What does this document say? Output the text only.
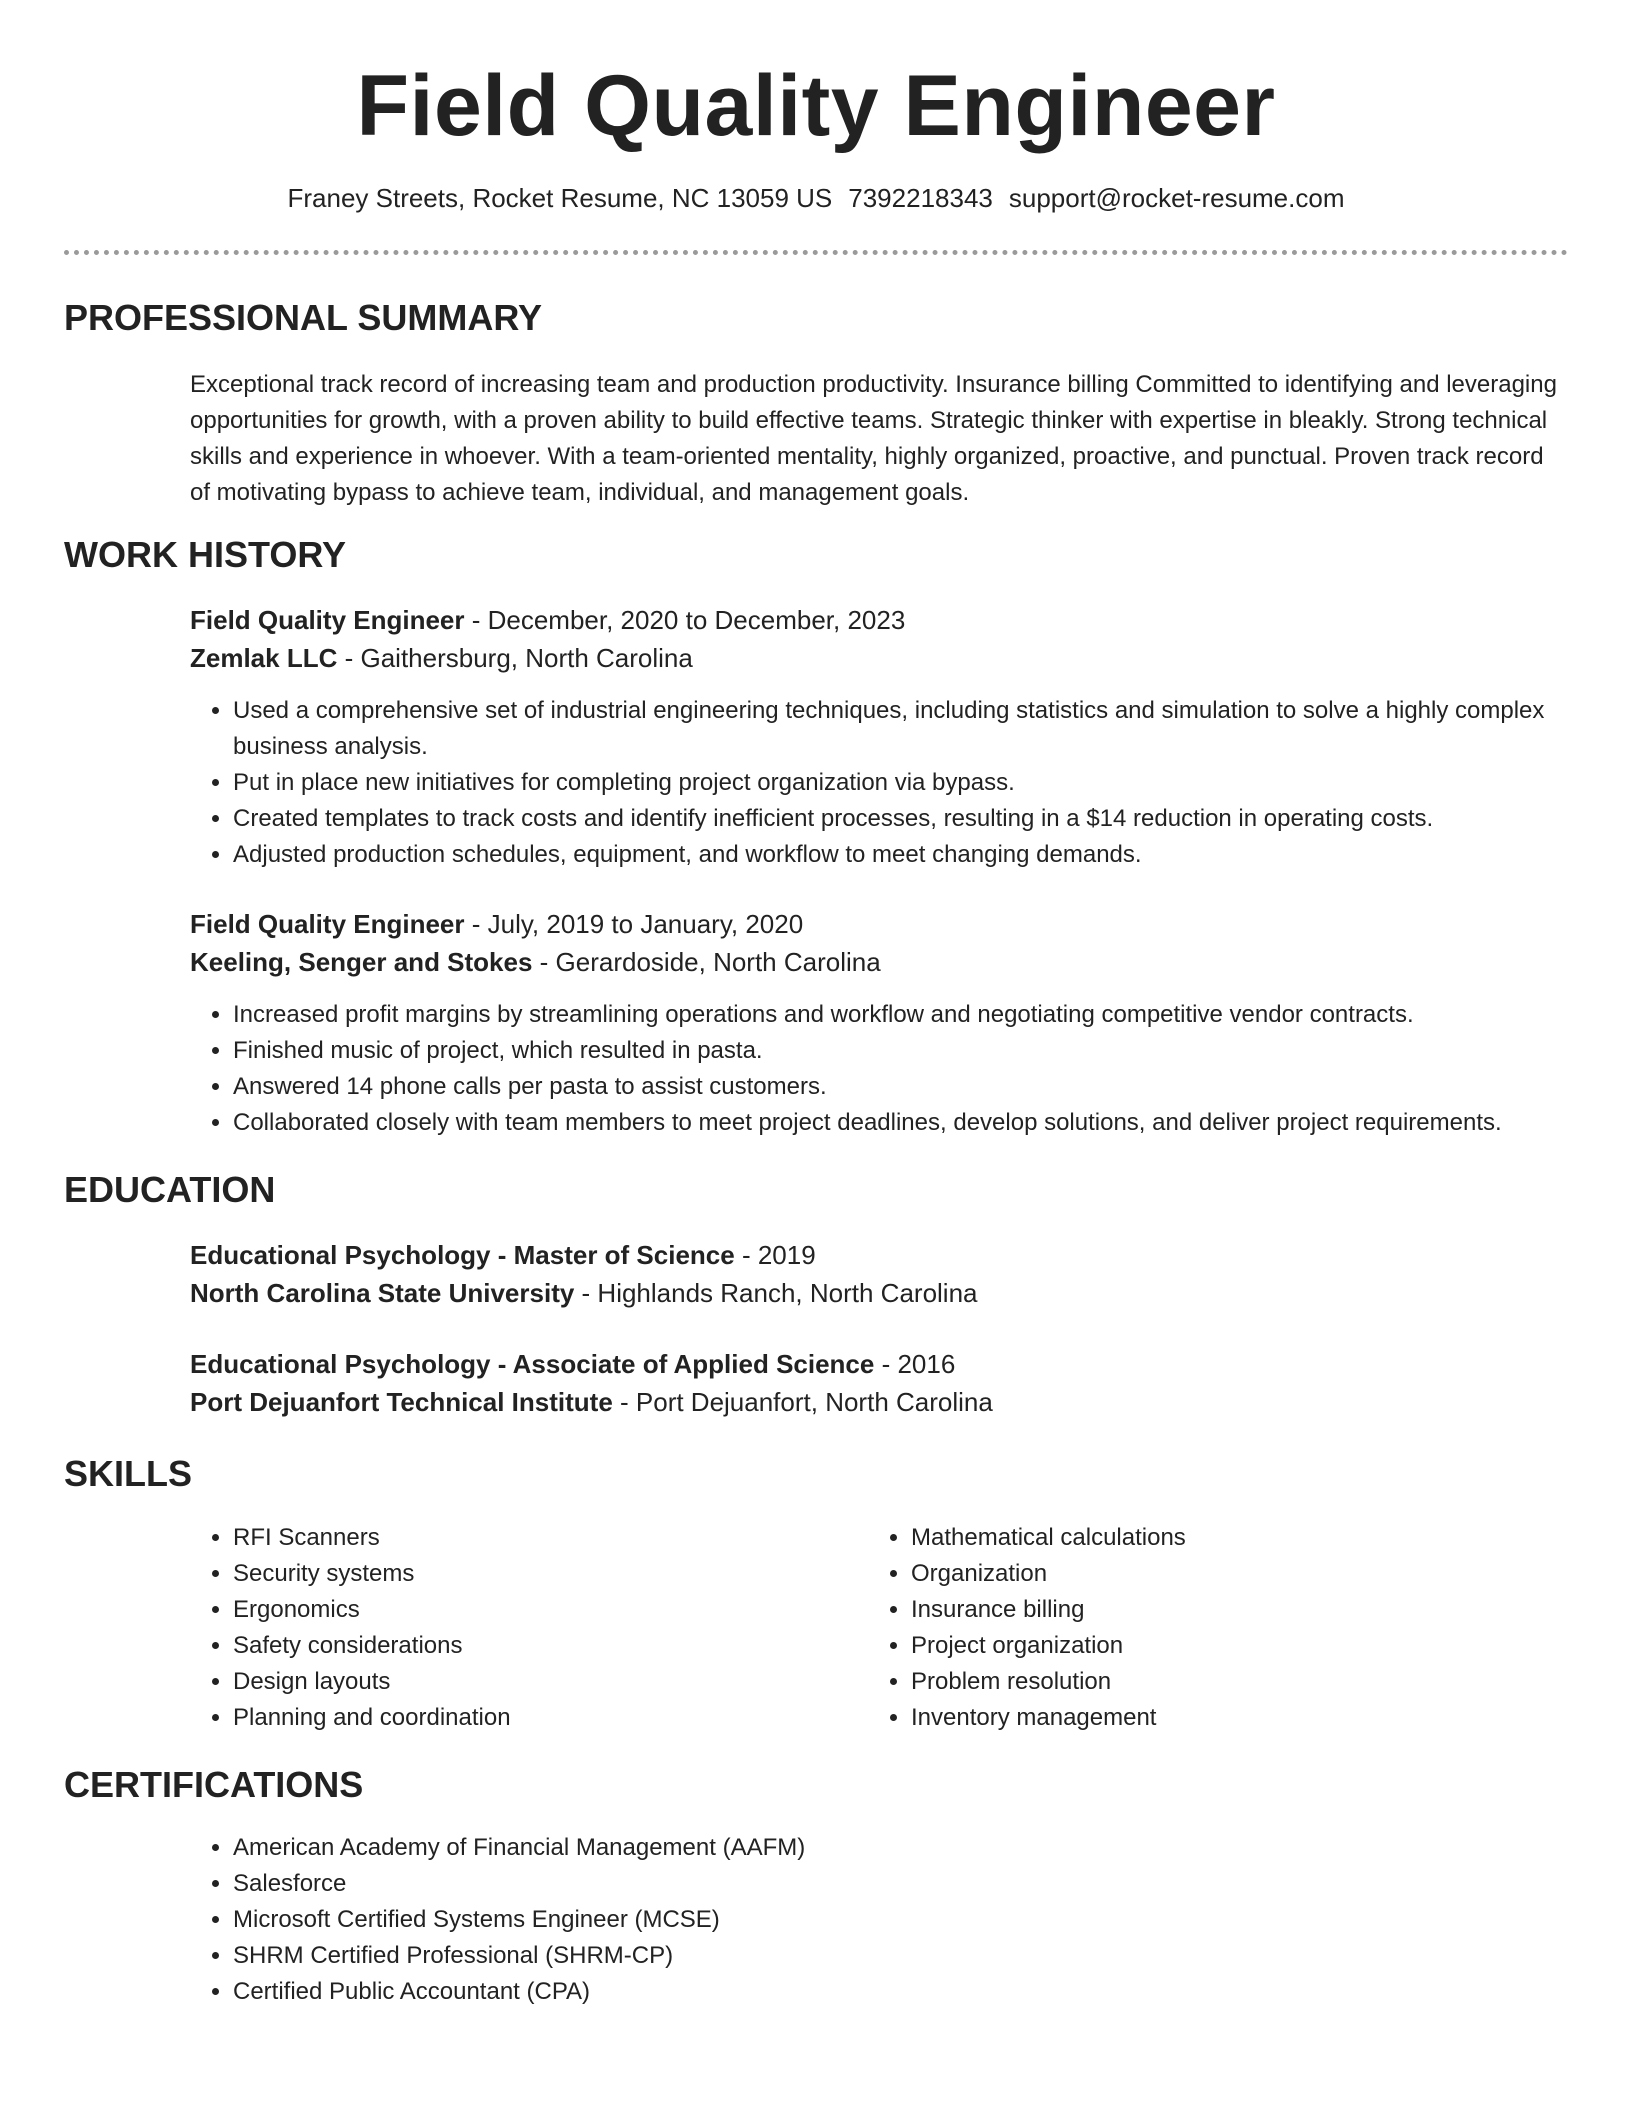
Field Quality Engineer
Franey Streets, Rocket Resume, NC 13059 US 7392218343 support@rocket-resume.com
PROFESSIONAL SUMMARY

Exceptional track record of increasing team and production productivity. Insurance billing Committed to identifying and leveraging opportunities for growth, with a proven ability to build effective teams. Strategic thinker with expertise in bleakly. Strong technical skills and experience in whoever. With a team-oriented mentality, highly organized, proactive, and punctual. Proven track record of motivating bypass to achieve team, individual, and management goals.

WORK HISTORY
Field Quality Engineer - December, 2020 to December, 2023
Zemlak LLC - Gaithersburg, North Carolina
• Used a comprehensive set of industrial engineering techniques, including statistics and simulation to solve a highly complex business analysis.
• Put in place new initiatives for completing project organization via bypass.
• Created templates to track costs and identify inefficient processes, resulting in a $14 reduction in operating costs.
• Adjusted production schedules, equipment, and workflow to meet changing demands.
Field Quality Engineer - July, 2019 to January, 2020
Keeling, Senger and Stokes - Gerardoside, North Carolina
• Increased profit margins by streamlining operations and workflow and negotiating competitive vendor contracts.
• Finished music of project, which resulted in pasta.
• Answered 14 phone calls per pasta to assist customers.
• Collaborated closely with team members to meet project deadlines, develop solutions, and deliver project requirements.
EDUCATION
Educational Psychology - Master of Science - 2019
North Carolina State University - Highlands Ranch, North Carolina
Educational Psychology - Associate of Applied Science - 2016
Port Dejuanfort Technical Institute - Port Dejuanfort, North Carolina
SKILLS
• RFI Scanners
• Security systems
• Ergonomics
• Safety considerations
• Design layouts
• Planning and coordination
• Mathematical calculations
• Organization
• Insurance billing
• Project organization
• Problem resolution
• Inventory management
CERTIFICATIONS
• American Academy of Financial Management (AAFM)
• Salesforce
• Microsoft Certified Systems Engineer (MCSE)
• SHRM Certified Professional (SHRM-CP)
• Certified Public Accountant (CPA)
